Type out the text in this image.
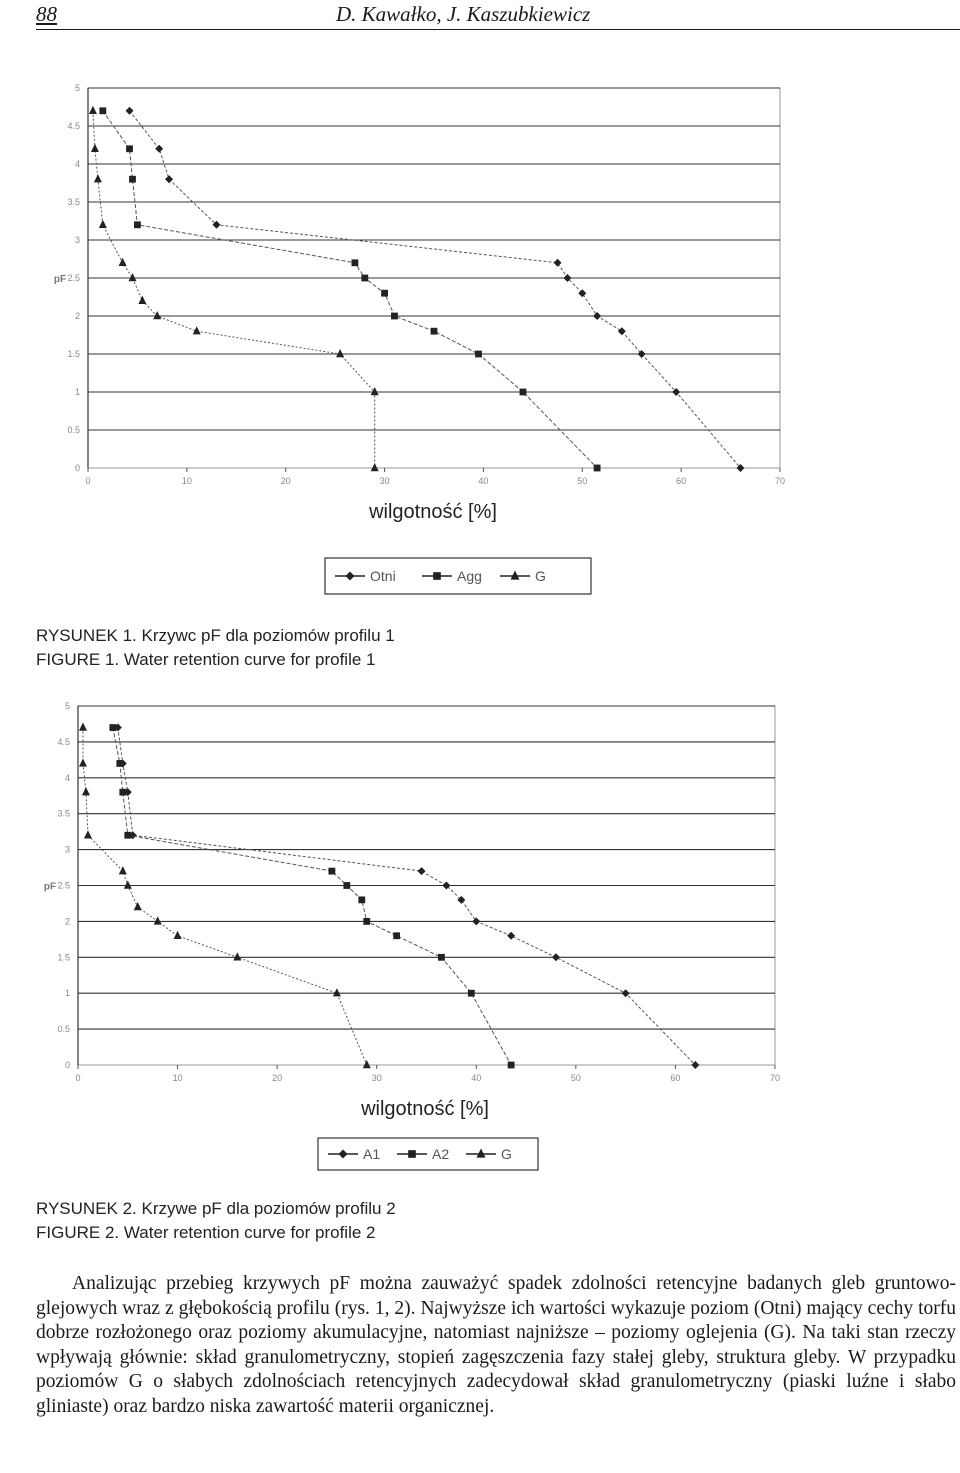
88	D. Kawałko, J. Kaszubkiewicz
0
0.5
1
1.5
2
2.5
3
3.5
4
4.5
5
0	10	20	30	40	50	60	70
pF
wilgotność [%]
Otni	Agg	G
RYSUNEK 1. Krzywc pF dla poziomów profilu 1
FIGURE 1. Water retention curve for profile 1
0
0.5
1
1.5
2
2.5
3
3.5
4
4.5
5
0	10	20	30	40	50	60	70
pF
wilgotność [%]
A1	A2	G
RYSUNEK 2. Krzywe pF dla poziomów profilu 2
FIGURE 2. Water retention curve for profile 2

Analizując przebieg krzywych pF można zauważyć spadek zdolności retencyjne badanych gleb gruntowo-glejowych wraz z głębokością profilu (rys. 1, 2). Najwyższe ich wartości wykazuje poziom (Otni) mający cechy torfu dobrze rozłożonego oraz poziomy akumulacyjne, natomiast najniższe – poziomy oglejenia (G). Na taki stan rzeczy wpływają głównie: skład granulometryczny, stopień zagęszczenia fazy stałej gleby, struktura gleby. W przypadku poziomów G o słabych zdolnościach retencyjnych zadecydował skład granulometryczny (piaski luźne i słabo gliniaste) oraz bardzo niska zawartość materii organicznej.
